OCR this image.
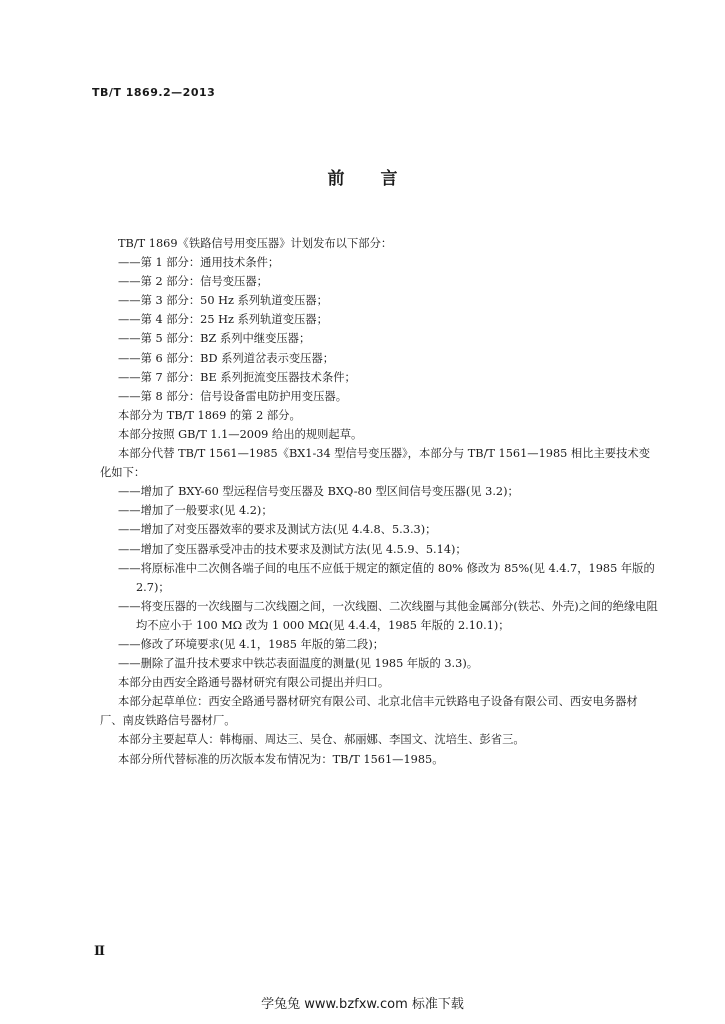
TB/T 1869.2—2013
前 言

TB/T 1869《铁路信号用变压器》计划发布以下部分：

——第 1 部分：通用技术条件；

——第 2 部分：信号变压器；

——第 3 部分：50 Hz 系列轨道变压器；

——第 4 部分：25 Hz 系列轨道变压器；

——第 5 部分：BZ 系列中继变压器；

——第 6 部分：BD 系列道岔表示变压器；

——第 7 部分：BE 系列扼流变压器技术条件；

——第 8 部分：信号设备雷电防护用变压器。

本部分为 TB/T 1869 的第 2 部分。

本部分按照 GB/T 1.1—2009 给出的规则起草。

本部分代替 TB/T 1561—1985《BX1-34 型信号变压器》，本部分与 TB/T 1561—1985 相比主要技术变化如下：

——增加了 BXY-60 型远程信号变压器及 BXQ-80 型区间信号变压器(见 3.2)；

——增加了一般要求(见 4.2)；

——增加了对变压器效率的要求及测试方法(见 4.4.8、5.3.3)；

——增加了变压器承受冲击的技术要求及测试方法(见 4.5.9、5.14)；

——将原标准中二次侧各端子间的电压不应低于规定的额定值的 80% 修改为 85%(见 4.4.7，1985 年版的 2.7)；

——将变压器的一次线圈与二次线圈之间，一次线圈、二次线圈与其他金属部分(铁芯、外壳)之间的绝缘电阻均不应小于 100 MΩ 改为 1 000 MΩ(见 4.4.4，1985 年版的 2.10.1)；

——修改了环境要求(见 4.1，1985 年版的第二段)；

——删除了温升技术要求中铁芯表面温度的测量(见 1985 年版的 3.3)。

本部分由西安全路通号器材研究有限公司提出并归口。

本部分起草单位：西安全路通号器材研究有限公司、北京北信丰元铁路电子设备有限公司、西安电务器材厂、南皮铁路信号器材厂。

本部分主要起草人：韩梅丽、周达三、吴仓、郝丽娜、李国文、沈培生、彭省三。

本部分所代替标准的历次版本发布情况为：TB/T 1561—1985。

Ⅱ
学兔兔 www.bzfxw.com 标准下载
